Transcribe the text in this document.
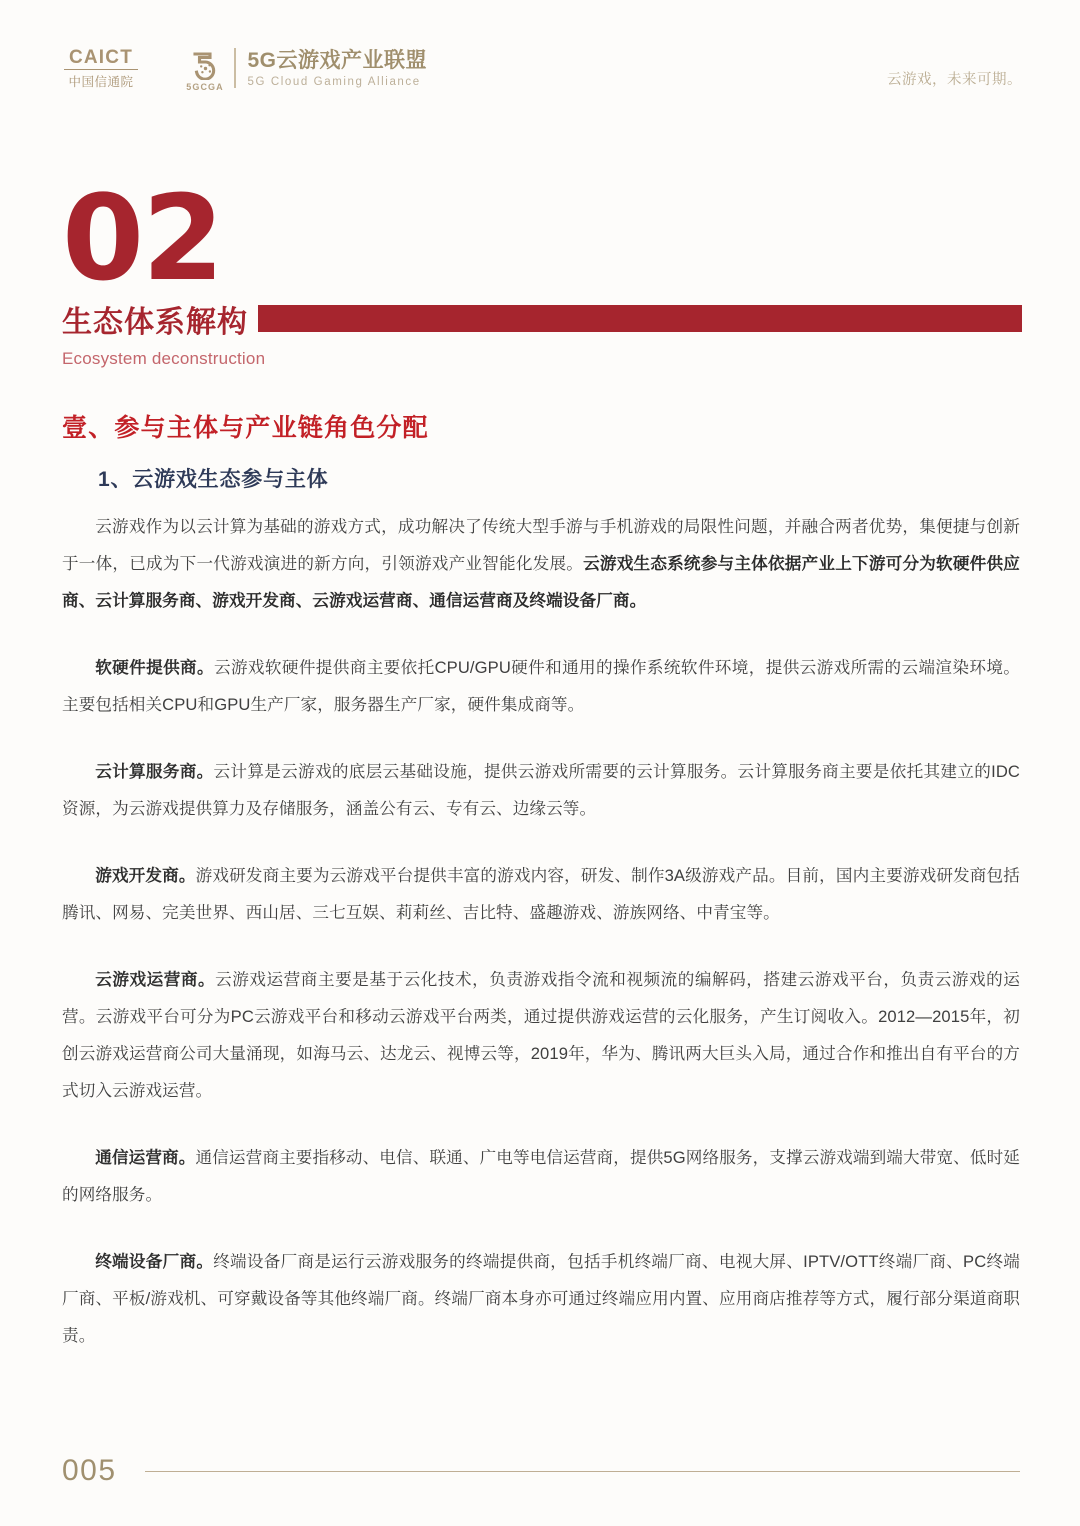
CAICT
中国信通院	5GCGA
5G云游戏产业联盟
5G Cloud Gaming Alliance	云游戏，未来可期。
02
生态体系解构
Ecosystem deconstruction
壹、参与主体与产业链角色分配
1、云游戏生态参与主体

云游戏作为以云计算为基础的游戏方式，成功解决了传统大型手游与手机游戏的局限性问题，并融合两者优势，集便捷与创新于一体，已成为下一代游戏演进的新方向，引领游戏产业智能化发展。云游戏生态系统参与主体依据产业上下游可分为软硬件供应商、云计算服务商、游戏开发商、云游戏运营商、通信运营商及终端设备厂商。

软硬件提供商。云游戏软硬件提供商主要依托CPU/GPU硬件和通用的操作系统软件环境，提供云游戏所需的云端渲染环境。主要包括相关CPU和GPU生产厂家，服务器生产厂家，硬件集成商等。

云计算服务商。云计算是云游戏的底层云基础设施，提供云游戏所需要的云计算服务。云计算服务商主要是依托其建立的IDC资源，为云游戏提供算力及存储服务，涵盖公有云、专有云、边缘云等。

游戏开发商。游戏研发商主要为云游戏平台提供丰富的游戏内容，研发、制作3A级游戏产品。目前，国内主要游戏研发商包括腾讯、网易、完美世界、西山居、三七互娱、莉莉丝、吉比特、盛趣游戏、游族网络、中青宝等。

云游戏运营商。云游戏运营商主要是基于云化技术，负责游戏指令流和视频流的编解码，搭建云游戏平台，负责云游戏的运营。云游戏平台可分为PC云游戏平台和移动云游戏平台两类，通过提供游戏运营的云化服务，产生订阅收入。2012—2015年，初创云游戏运营商公司大量涌现，如海马云、达龙云、视博云等，2019年，华为、腾讯两大巨头入局，通过合作和推出自有平台的方式切入云游戏运营。

通信运营商。通信运营商主要指移动、电信、联通、广电等电信运营商，提供5G网络服务，支撑云游戏端到端大带宽、低时延的网络服务。

终端设备厂商。终端设备厂商是运行云游戏服务的终端提供商，包括手机终端厂商、电视大屏、IPTV/OTT终端厂商、PC终端厂商、平板/游戏机、可穿戴设备等其他终端厂商。终端厂商本身亦可通过终端应用内置、应用商店推荐等方式，履行部分渠道商职责。

005
